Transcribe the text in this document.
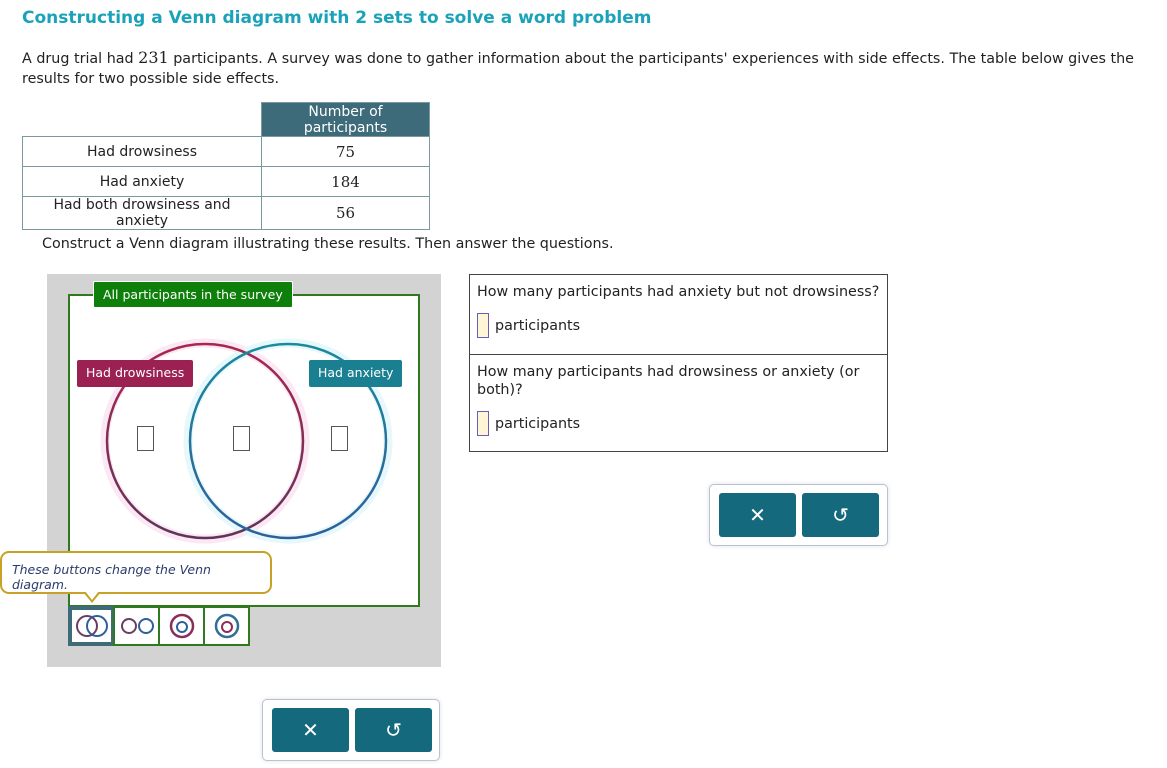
Constructing a Venn diagram with 2 sets to solve a word problem
A drug trial had 231 participants. A survey was done to gather information about the participants' experiences with side effects. The table below gives the results for two possible side effects.
	Number of participants
Had drowsiness	75
Had anxiety	184
Had both drowsiness and anxiety	56
Construct a Venn diagram illustrating these results. Then answer the questions.
All participants in the survey
Had drowsiness	Had anxiety
These buttons change the Venn diagram.
✕	↺
How many participants had anxiety but not drowsiness?
participants
How many participants had drowsiness or anxiety (or both)?
participants
✕	↺
